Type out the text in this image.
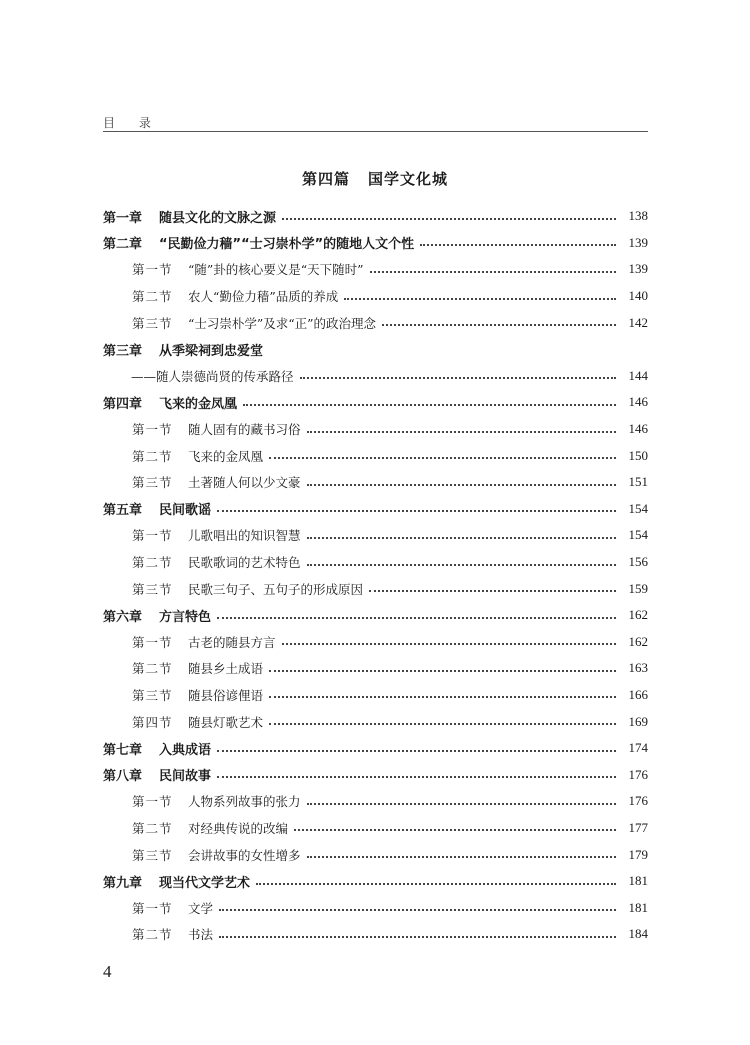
目 录
第四篇 国学文化城
第一章	随县文化的文脉之源	138
第二章	“民勤俭力穑”“士习崇朴学”的随地人文个性	139
第一节	“随”卦的核心要义是“天下随时”	139
第二节	农人“勤俭力穑”品质的养成	140
第三节	“士习崇朴学”及求“正”的政治理念	142
第三章	从季梁祠到忠爱堂
——随人崇德尚贤的传承路径	144
第四章	飞来的金凤凰	146
第一节	随人固有的藏书习俗	146
第二节	飞来的金凤凰	150
第三节	土著随人何以少文豪	151
第五章	民间歌谣	154
第一节	儿歌唱出的知识智慧	154
第二节	民歌歌词的艺术特色	156
第三节	民歌三句子、五句子的形成原因	159
第六章	方言特色	162
第一节	古老的随县方言	162
第二节	随县乡土成语	163
第三节	随县俗谚俚语	166
第四节	随县灯歌艺术	169
第七章	入典成语	174
第八章	民间故事	176
第一节	人物系列故事的张力	176
第二节	对经典传说的改编	177
第三节	会讲故事的女性增多	179
第九章	现当代文学艺术	181
第一节	文学	181
第二节	书法	184
4
